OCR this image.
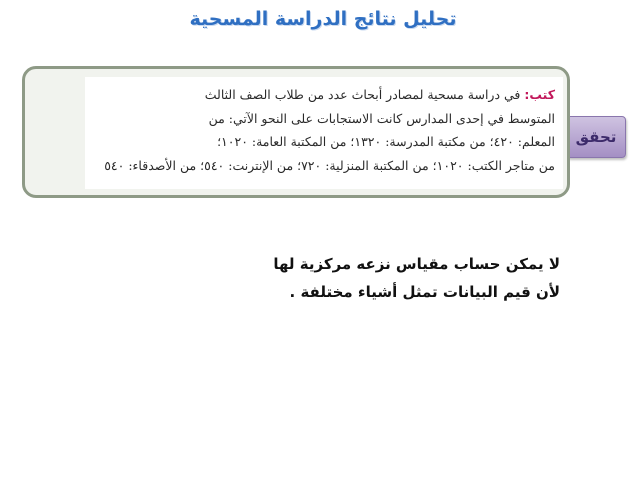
تحليل نتائج الدراسة المسحية
تحقق
كتب: في دراسة مسحية لمصادر أبحاث عدد من طلاب الصف الثالث
المتوسط في إحدى المدارس كانت الاستجابات على النحو الآتي: من
المعلم: ٤٢٠؛ من مكتبة المدرسة: ١٣٢٠؛ من المكتبة العامة: ١٠٢٠؛
من متاجر الكتب: ١٠٢٠؛ من المكتبة المنزلية: ٧٢٠؛ من الإنترنت: ٥٤٠؛ من الأصدقاء: ٥٤٠
لا يمكن حساب مقياس نزعه مركزية لها
لأن قيم البيانات تمثل أشياء مختلفة .
